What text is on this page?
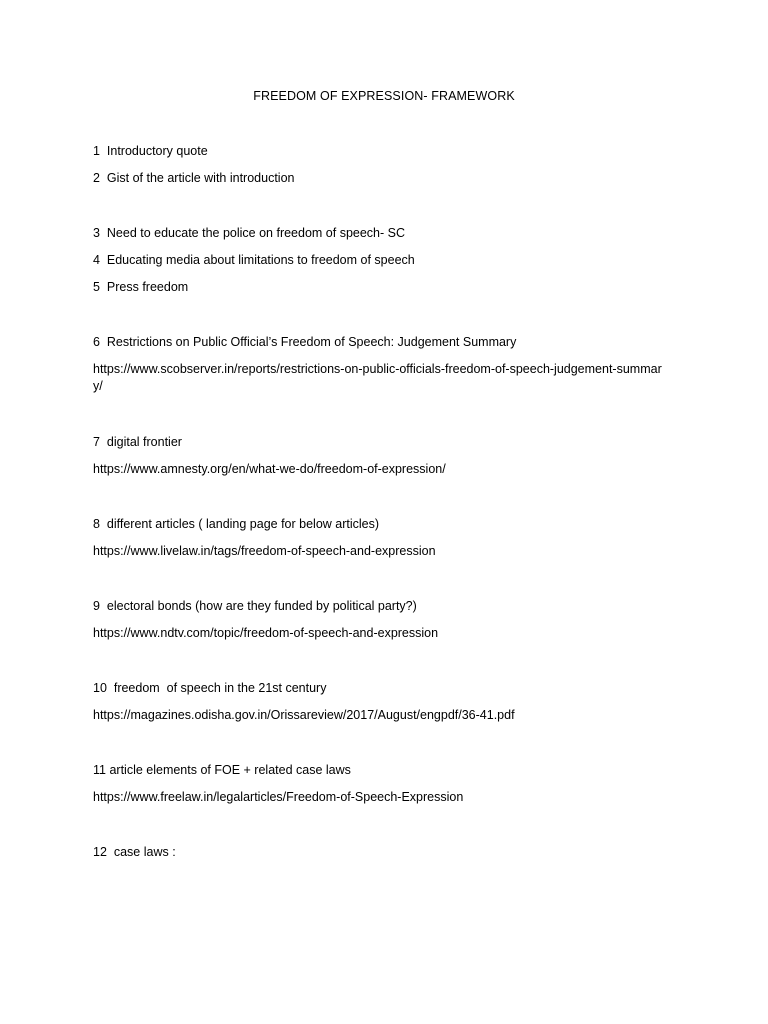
FREEDOM OF EXPRESSION- FRAMEWORK
1  Introductory quote
2  Gist of the article with introduction
3  Need to educate the police on freedom of speech- SC
4  Educating media about limitations to freedom of speech
5  Press freedom
6  Restrictions on Public Official’s Freedom of Speech: Judgement Summary
https://www.scobserver.in/reports/restrictions-on-public-officials-freedom-of-speech-judgement-summary/
7  digital frontier
https://www.amnesty.org/en/what-we-do/freedom-of-expression/
8  different articles ( landing page for below articles)
https://www.livelaw.in/tags/freedom-of-speech-and-expression
9  electoral bonds (how are they funded by political party?)
https://www.ndtv.com/topic/freedom-of-speech-and-expression
10  freedom  of speech in the 21st century
https://magazines.odisha.gov.in/Orissareview/2017/August/engpdf/36-41.pdf
11 article elements of FOE + related case laws
https://www.freelaw.in/legalarticles/Freedom-of-Speech-Expression
12  case laws :
